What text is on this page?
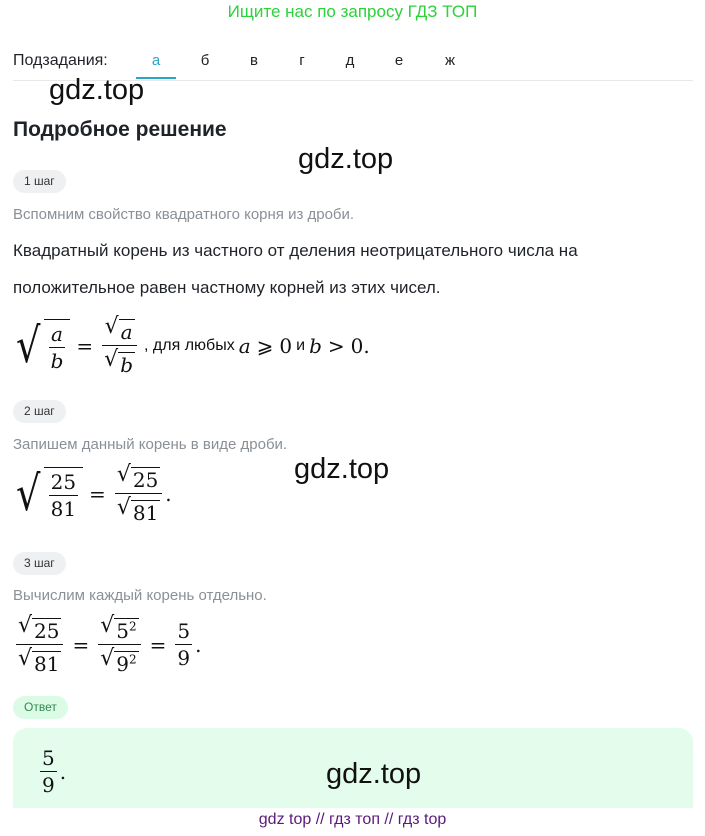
Ищите нас по запросу ГДЗ ТОП
Подзадания:	а	б	в	г	д	е	ж
gdz.top
Подробное решение
gdz.top
1 шаг
Вспомним свойство квадратного корня из дроби.
Квадратный корень из частного от деления неотрицательного числа на
положительное равен частному корней из этих чисел.
√ $\frac{a}{b} = \frac{√ a}{√ b}$ , для любых a ⩾ 0 и b > 0.
2 шаг
Запишем данный корень в виде дроби.
√ $\frac{25}{81} = \frac{√ 25}{√ 81}$ .
gdz.top
3 шаг
Вычислим каждый корень отдельно.
$\frac{√ 25}{√ 81} = \frac{√ 5^2}{√ 9^2} = \frac{5}{9}$ .
Ответ
$\frac{5}{9}$ .	gdz.top
gdz top // гдз топ // гдз top
